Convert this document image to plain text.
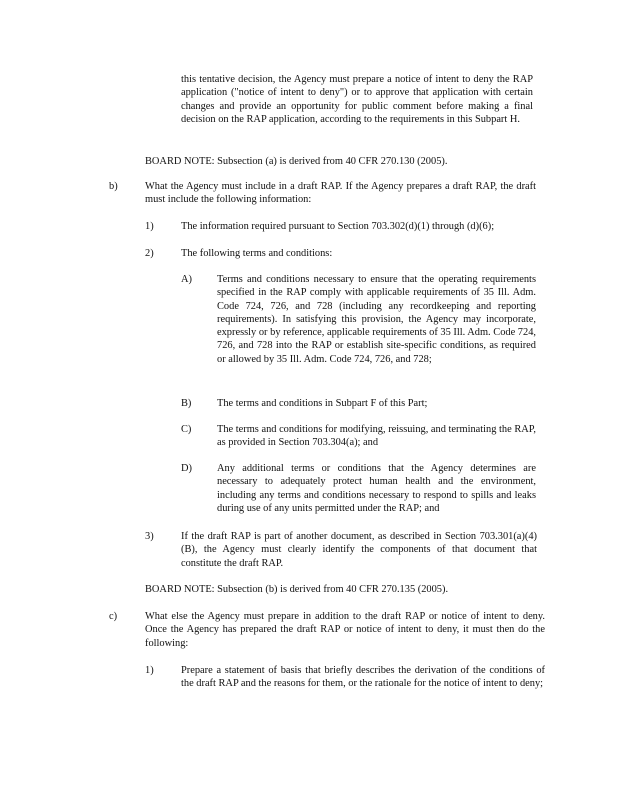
this tentative decision, the Agency must prepare a notice of intent to deny the RAP application ("notice of intent to deny") or to approve that application with certain changes and provide an opportunity for public comment before making a final decision on the RAP application, according to the requirements in this Subpart H.
BOARD NOTE: Subsection (a) is derived from 40 CFR 270.130 (2005).
b)	What the Agency must include in a draft RAP. If the Agency prepares a draft RAP, the draft must include the following information:
1)	The information required pursuant to Section 703.302(d)(1) through (d)(6);
2)	The following terms and conditions:
A) Terms and conditions necessary to ensure that the operating requirements specified in the RAP comply with applicable requirements of 35 Ill. Adm. Code 724, 726, and 728 (including any recordkeeping and reporting requirements). In satisfying this provision, the Agency may incorporate, expressly or by reference, applicable requirements of 35 Ill. Adm. Code 724, 726, and 728 into the RAP or establish site-specific conditions, as required or allowed by 35 Ill. Adm. Code 724, 726, and 728;
B) The terms and conditions in Subpart F of this Part;
C) The terms and conditions for modifying, reissuing, and terminating the RAP, as provided in Section 703.304(a); and
D) Any additional terms or conditions that the Agency determines are necessary to adequately protect human health and the environment, including any terms and conditions necessary to respond to spills and leaks during use of any units permitted under the RAP; and
3)	If the draft RAP is part of another document, as described in Section 703.301(a)(4)(B), the Agency must clearly identify the components of that document that constitute the draft RAP.
BOARD NOTE: Subsection (b) is derived from 40 CFR 270.135 (2005).
c)	What else the Agency must prepare in addition to the draft RAP or notice of intent to deny. Once the Agency has prepared the draft RAP or notice of intent to deny, it must then do the following:
1)	Prepare a statement of basis that briefly describes the derivation of the conditions of the draft RAP and the reasons for them, or the rationale for the notice of intent to deny;
